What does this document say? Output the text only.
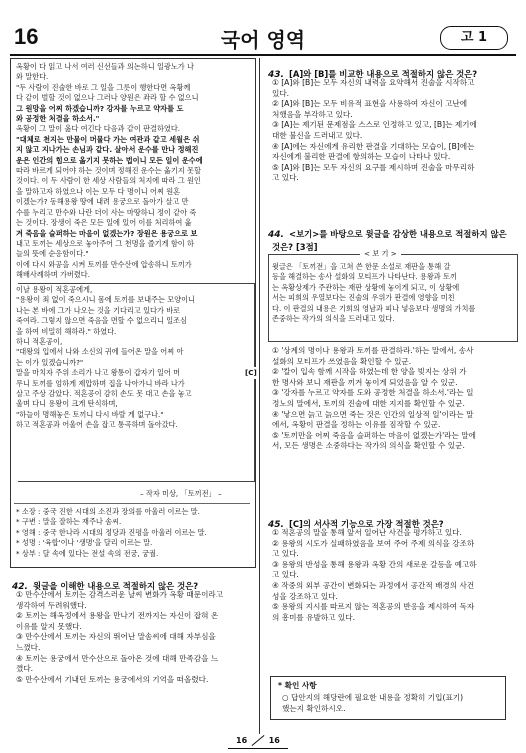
16	국어 영역	고 1
옥황이 다 읽고 나서 여러 신선들과 의논하니 일광노가 나
와 말한다.
"두 사람이 진술한 바로 그 일을 그릇이 행한다면 옥황께
다 같이 벌할 것이 없으나 그러나 양원은 좌라 할 수 없으니
그 원망을 어찌 하겠습니까? 강자를 누르고 약자를 도
와 공정한 처결을 하소서."
옥황이 그 말이 옳다 여긴다 다음과 같이 판결하였다.
"대체로 천지는 만물이 머물다 가는 여관과 같고 세월은 쉬
지 않고 지나가는 손님과 같다. 살아서 운수를 만나 정해진
운은 인간의 힘으로 옮기지 못하는 법이니 모든 일이 운수에
따라 바르게 되어야 하는 것이며 정해진 운수는 옮기지 못할
것이다. 이 두 사람이 한 세상 사람들의 처지에 따라 그 원인
을 말하고자 하였으나 이는 모두 다 명이니 어찌 원혼
이겠는가? 동해용왕 땅에 내려 용궁으로 돌아가 살고 만
수를 누리고 만수와 나란 더이 사는 마땅하니 정이 같아 죽
는 것이다. 장생이 죽은 모든 일에 있어 이를 처리하여 옮
겨 죽음을 슬퍼하는 마음이 없겠는가? 장원은 용궁으로 보
내고 토끼는 세상으로 놓아주어 그 천명을 즐기게 함이 하
늘의 뜻에 순응함이다."
이에 다시 와공을 시켜 토끼를 만수산에 압송하니 토끼가
해배사례하며 가버렸다.
[C]
이날 용왕이 적혼공에게,
"용왕이 죄 없이 죽으시니 몸에 토끼를 보내주는 모양이니
나는 본 바에 그가 나오는 것을 기다리고 있다가 바로
죽여라. 그렇지 않으면 죽음을 면할 수 없으리니 일조심
을 하여 비밀히 해하라." 하였다.
하니 적혼공이,
"대왕의 입에서 나와 소신의 귀에 들어온 말을 어찌 아
는 이가 있겠습니까?"
말을 마치자 주위 소리가 나고 왕통이 갑자기 일어 머
무니 토끼를 엄하게 제압하며 집을 나아가니 바라 나가
살고 주상 감았다. 적혼공이 감히 손도 못 대고 손을 놓고
울며 다니 용왕이 크게 탄식하며,
"하늘이 명해놓은 토끼니 다시 바랄 게 없구나."
하고 적혼공과 어울어 손을 잡고 통곡하며 돌아갔다.
– 작자 미상, 「토끼전」 –
* 소장 : 중국 진한 시대의 소진과 장의를 아울러 이르는 말.
* 구변 : 말을 잘하는 재주나 솜씨.
* 영해 : 중국 한나라 시대의 정당과 진평을 아울러 이르는 말.
* 성명 : '육합'이나 '생명'을 달리 이르는 말.
* 상부 : 달 속에 있다는 전설 속의 전궁, 궁궐.
42. 윗글을 이해한 내용으로 적절하지 않은 것은?
① 만수산에서 토끼는 감격스러운 날씨 변화가 옥황 때문이라고
생각하여 두려워했다.
② 토끼는 해옥정에서 용왕을 만나기 전까지는 자신이 잡혀 온
이유를 알지 못했다.
③ 만수산에서 토끼는 자신의 뛰어난 말솜씨에 대해 자부심을
느꼈다.
④ 토끼는 용궁에서 만수산으로 돌아온 것에 대해 만족감을 느
꼈다.
⑤ 만수산에서 기내던 토끼는 용궁에서의 기억을 떠올렸다.
43. [A]와 [B]를 비교한 내용으로 적절하지 않은 것은?
① [A]와 [B]는 모두 자신의 내력을 요약해서 진술을 시작하고
있다.
② [A]와 [B]는 모두 비유적 표현을 사용하여 자신이 고난에
처했음을 부각하고 있다.
③ [A]는 제기된 문제점을 스스로 인정하고 있고, [B]는 제기에
대한 불신을 드러내고 있다.
④ [A]에는 자신에게 유리한 판결을 기대하는 모습이, [B]에는
자신에게 불리한 판결에 항의하는 모습이 나타나 있다.
⑤ [A]와 [B]는 모두 자신의 요구를 제시하며 진술을 마무리하
고 있다.
44. <보기>를 바탕으로 윗글을 감상한 내용으로 적절하지 않은
것은? [3점]
< 보 기 >
윗글은 「토끼전」을 고쳐 쓴 한문 소설로 재판을 통해 갈
등을 해결하는 송사 설화의 모티프가 나타난다. 용왕과 토끼
는 옥황상제가 주관하는 재판 상황에 놓이게 되고, 이 상황에
서는 피희의 우열보다는 진술의 우위가 판결에 영향을 미친
다. 이 판결의 내용은 기희의 영남과 피나 넣음보다 생명의 가치를
존중하는 작가의 의식을 드러내고 있다.
① '상계의 명이나 용왕과 토끼를 판결하라.'하는 말에서, 송사
설화의 모티프가 쓰였음을 확인할 수 있군.
② '칼이 입속 함께 시작을 하였는데 한 양을 빚지는 상위 가
한 명사와 보니 재판을 끼겨 놓이게 되었음을 알 수 있군.
③ '강자를 누르고 약자를 도와 공정한 처결을 하소서.'라는 일
정노의 말에서, 토끼의 진술에 대한 지지를 확인할 수 있군.
④ '낳으면 늙고 늙으면 죽는 것은 인간의 일상적 일'이라는 말
에서, 옥황이 판결을 정하는 이유를 짐작할 수 있군.
⑤ '토끼만을 어찌 죽음을 슬퍼하는 마음이 없겠는가'라는 말에
서, 모든 생명은 소중하다는 작가의 의식을 확인할 수 있군.
45. [C]의 서사적 기능으로 가장 적절한 것은?
① 적혼공의 말을 통해 앞서 일어난 사건을 평가하고 있다.
② 용왕의 시도가 실패하였음을 보여 주어 주제 의식을 강조하
고 있다.
③ 용왕의 반성을 통해 용왕과 옥황 간의 새로운 갈등을 예고하
고 있다.
④ 작중의 외부 공간이 변화되는 과정에서 공간적 배경의 사건
성을 강조하고 있다.
⑤ 용왕의 지시를 따르지 않는 적혼공의 반응을 제시하여 독자
의 흥미를 유발하고 있다.
* 확인 사항
○ 답안지의 해당란에 필요한 내용을 정확히 기입(표기)
했는지 확인하시오.
16	16
